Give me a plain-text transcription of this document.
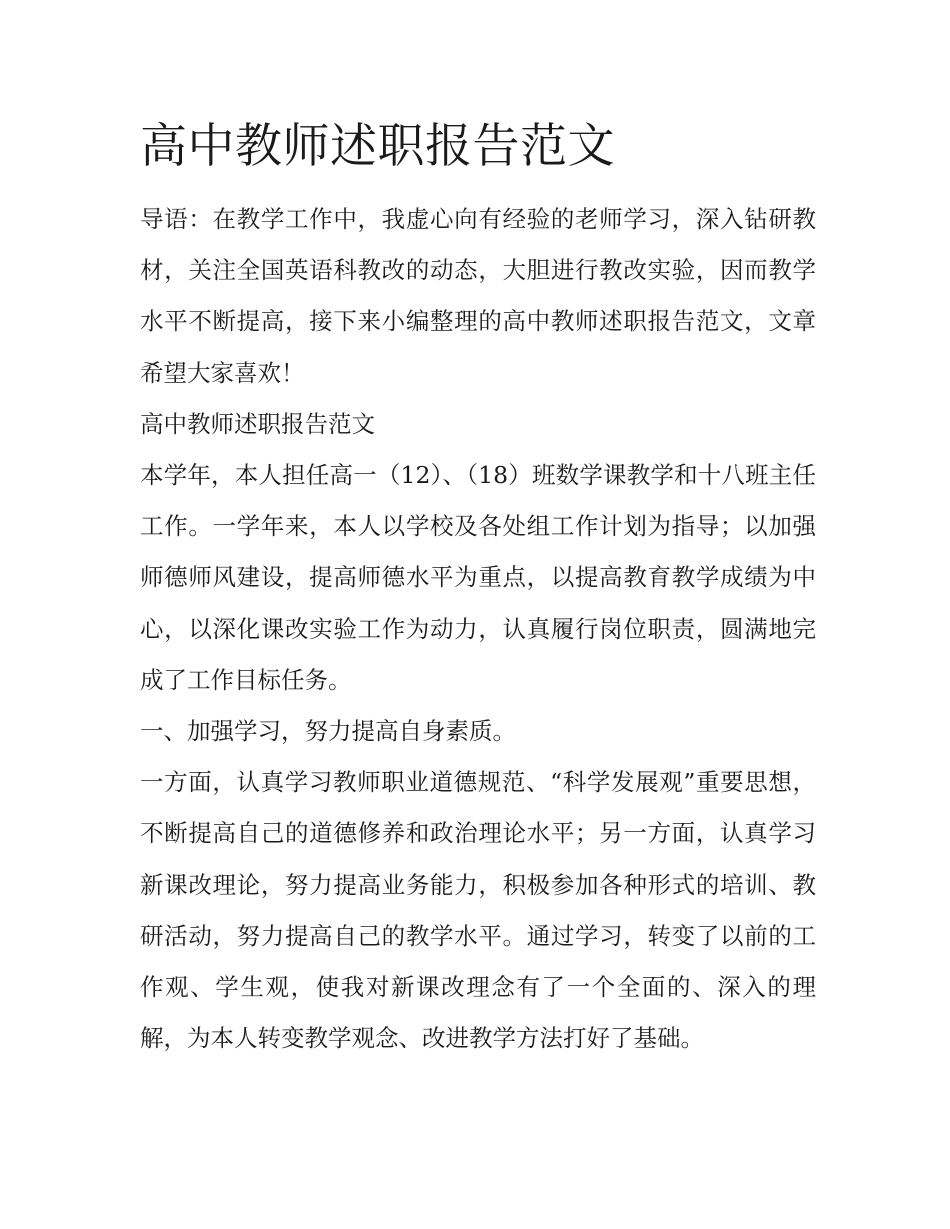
高中教师述职报告范文

导语：在教学工作中，我虚心向有经验的老师学习，深入钻研教材，关注全国英语科教改的动态，大胆进行教改实验，因而教学水平不断提高，接下来小编整理的高中教师述职报告范文，文章希望大家喜欢！

高中教师述职报告范文

本学年，本人担任高一（12）、（18）班数学课教学和十八班主任工作。一学年来，本人以学校及各处组工作计划为指导；以加强师德师风建设，提高师德水平为重点，以提高教育教学成绩为中心，以深化课改实验工作为动力，认真履行岗位职责，圆满地完成了工作目标任务。

一、加强学习，努力提高自身素质。

一方面，认真学习教师职业道德规范、“科学发展观”重要思想，不断提高自己的道德修养和政治理论水平；另一方面，认真学习新课改理论，努力提高业务能力，积极参加各种形式的培训、教研活动，努力提高自己的教学水平。通过学习，转变了以前的工作观、学生观，使我对新课改理念有了一个全面的、深入的理解，为本人转变教学观念、改进教学方法打好了基础。
